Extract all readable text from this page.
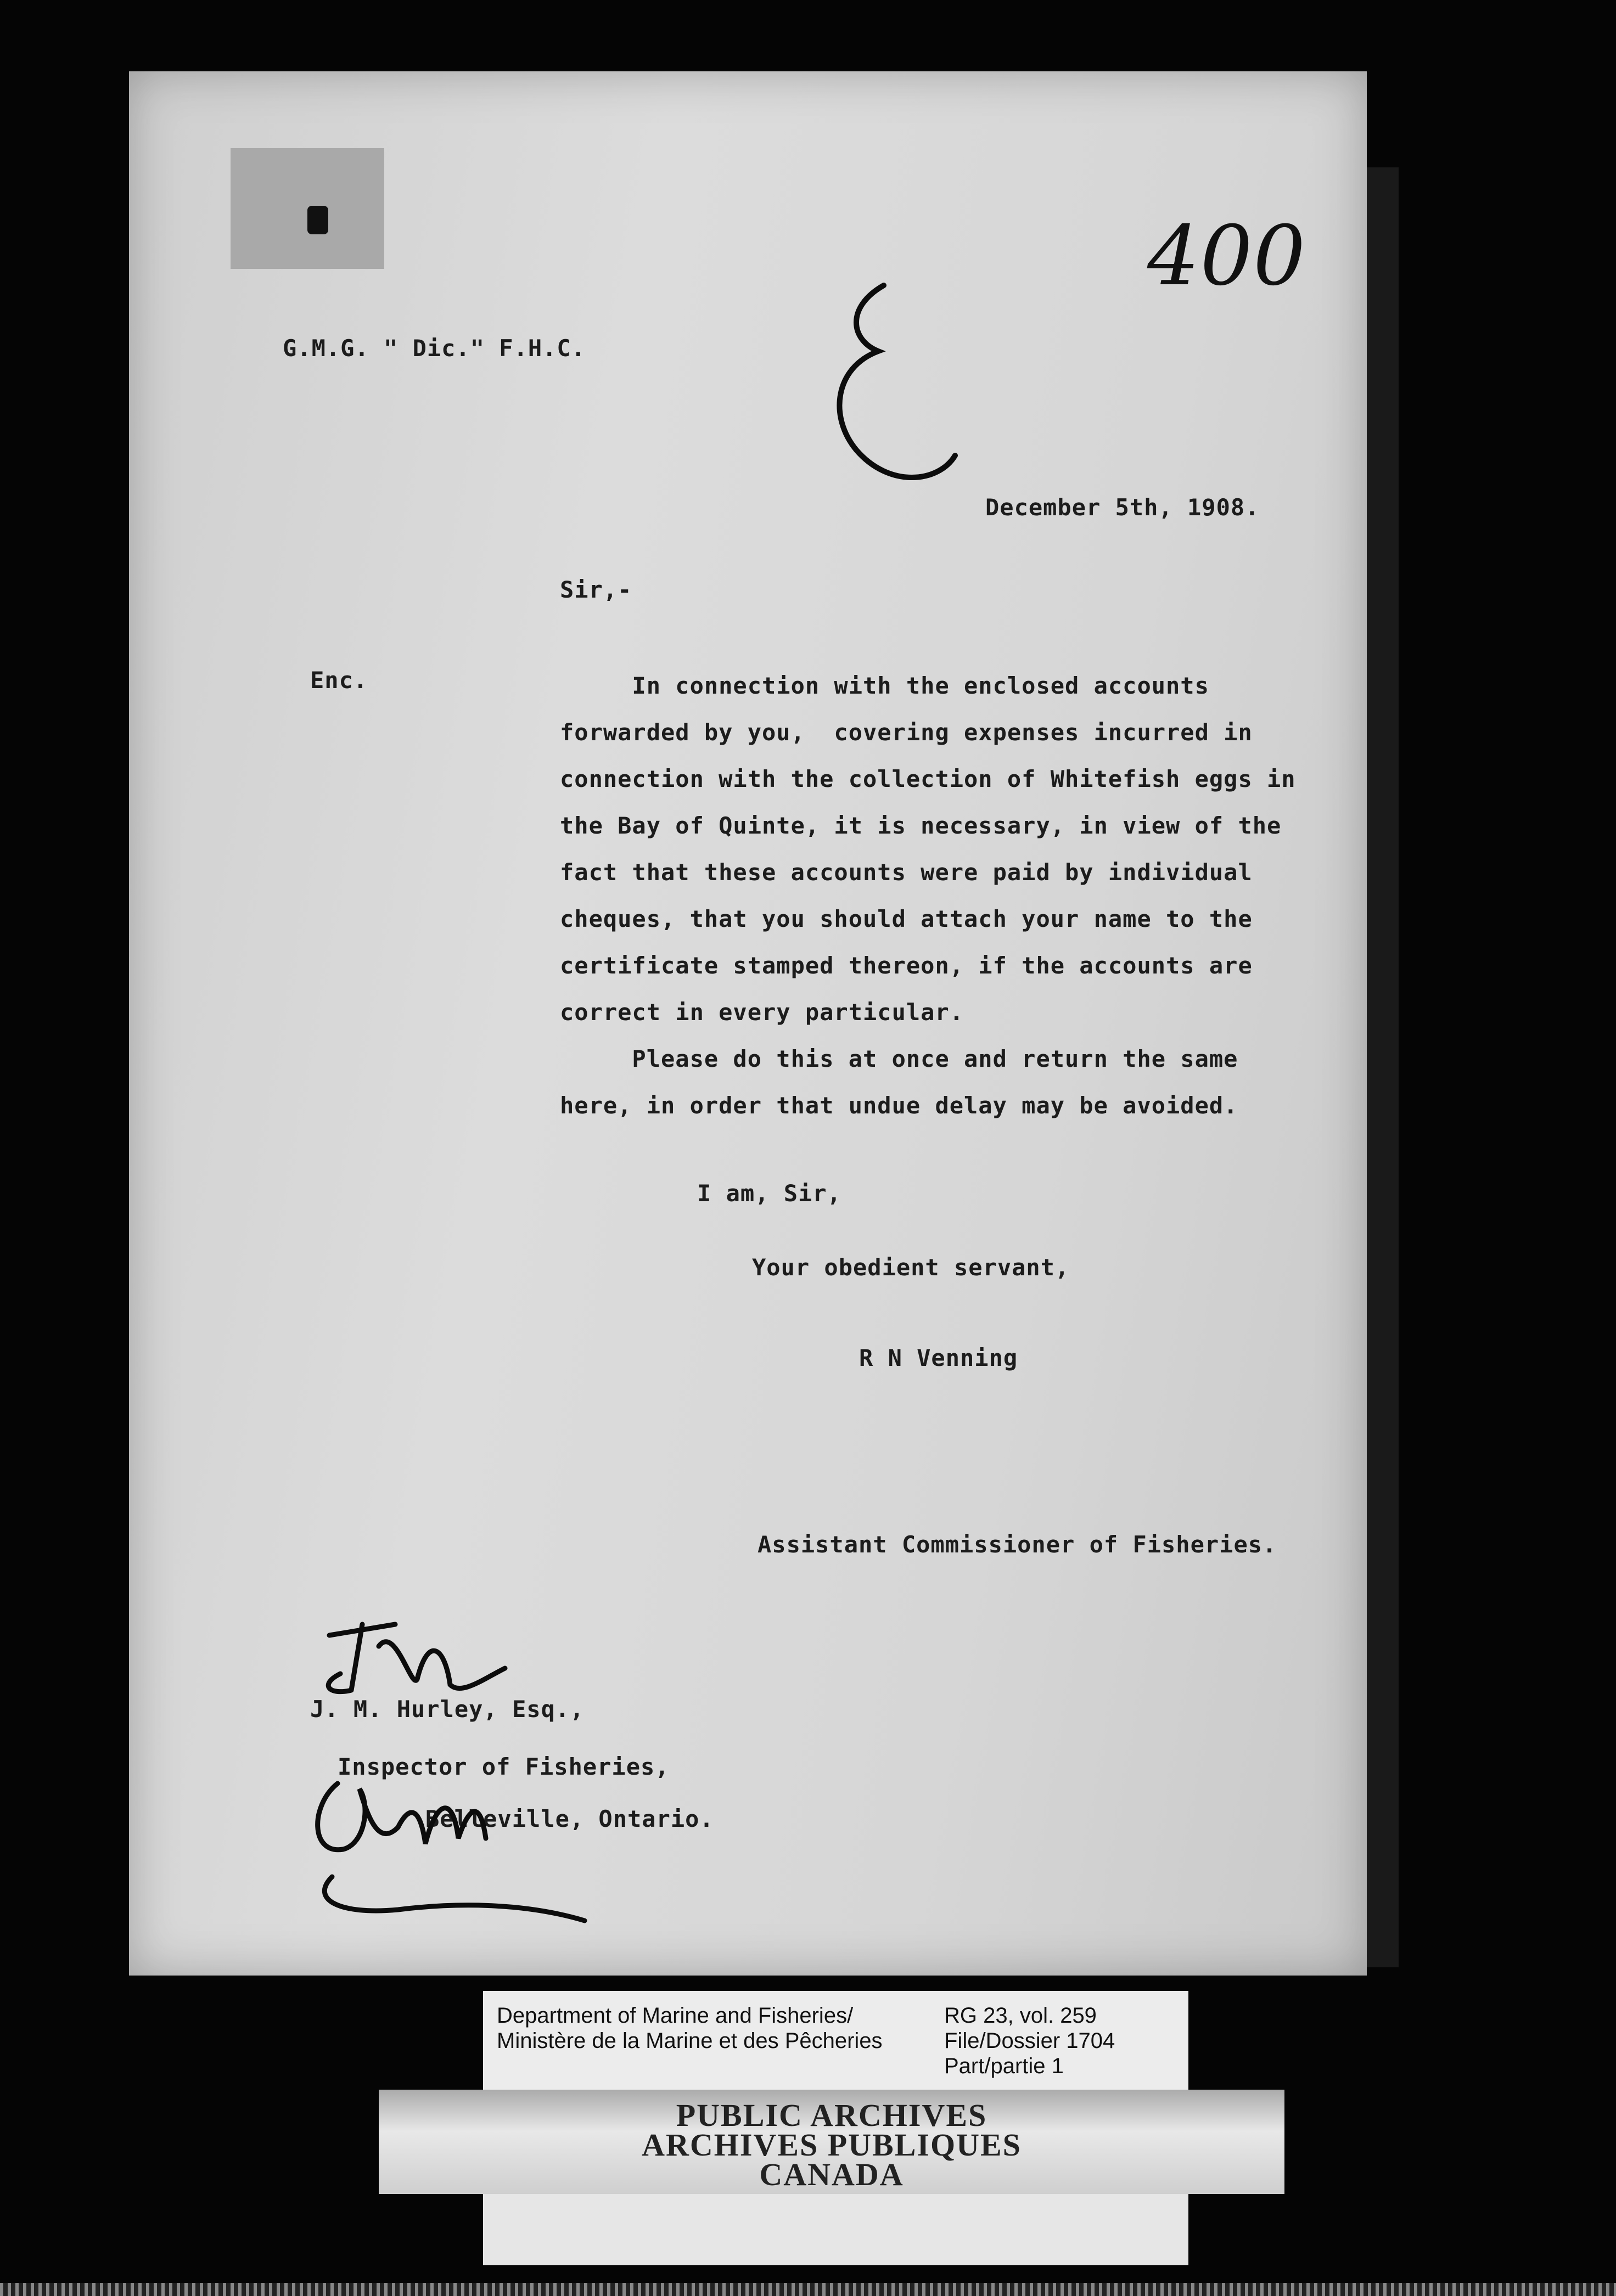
400
G.M.G. " Dic." F.H.C.
December 5th, 1908.
Sir,-
Enc.	In connection with the enclosed accounts
forwarded by you,  covering expenses incurred in
connection with the collection of Whitefish eggs in
the Bay of Quinte, it is necessary, in view of the
fact that these accounts were paid by individual
cheques, that you should attach your name to the
certificate stamped thereon, if the accounts are
correct in every particular.
Please do this at once and return the same
here, in order that undue delay may be avoided.
I am, Sir,
Your obedient servant,
R N Venning
Assistant Commissioner of Fisheries.
J. M. Hurley, Esq.,
Inspector of Fisheries,
Belleville, Ontario.
Department of Marine and Fisheries/
Ministère de la Marine et des Pêcheries
RG 23, vol. 259
File/Dossier 1704
Part/partie 1
PUBLIC ARCHIVES
ARCHIVES PUBLIQUES
CANADA
